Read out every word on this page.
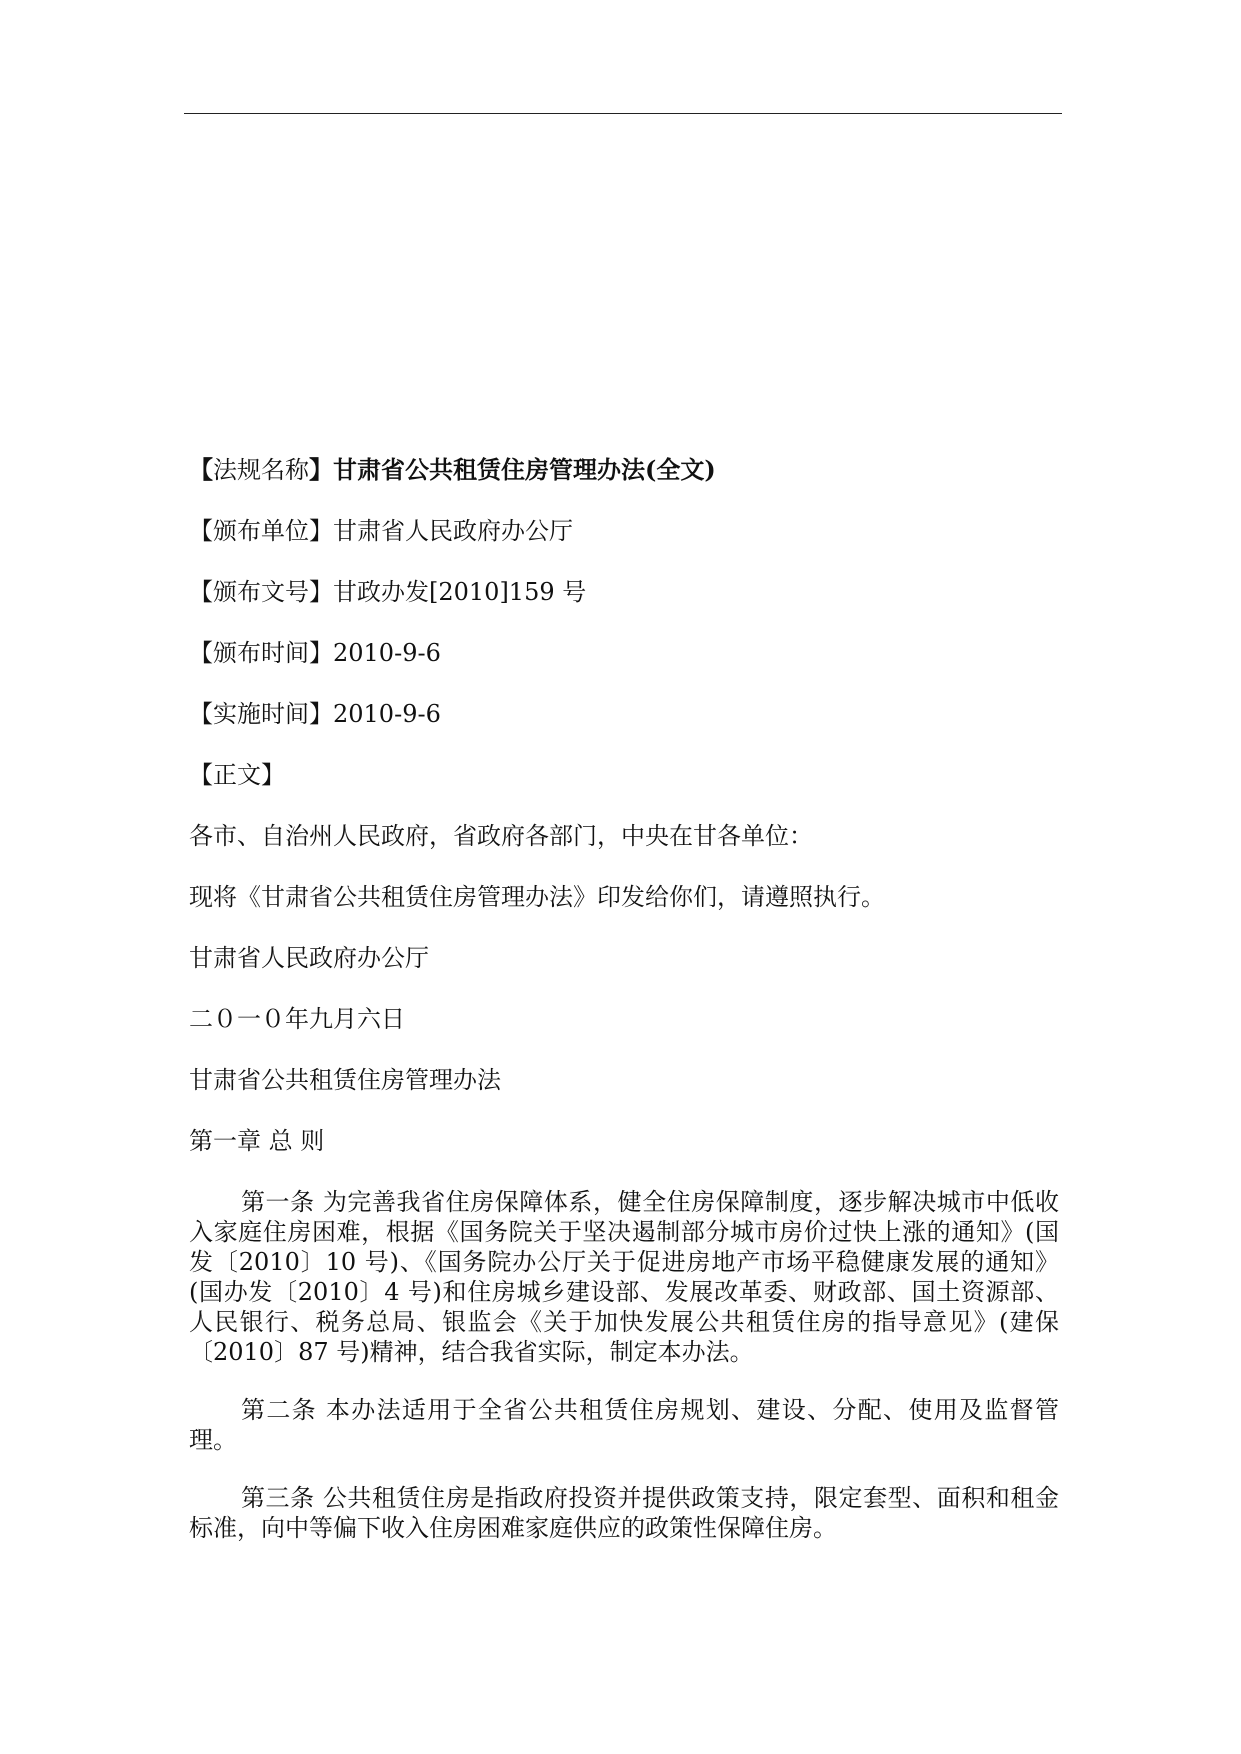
【法规名称】甘肃省公共租赁住房管理办法(全文)

【颁布单位】甘肃省人民政府办公厅

【颁布文号】甘政办发[2010]159 号

【颁布时间】2010-9-6

【实施时间】2010-9-6

【正文】

各市、自治州人民政府，省政府各部门，中央在甘各单位：

现将《甘肃省公共租赁住房管理办法》印发给你们，请遵照执行。

甘肃省人民政府办公厅

二０一０年九月六日

甘肃省公共租赁住房管理办法

第一章 总 则

第一条 为完善我省住房保障体系，健全住房保障制度，逐步解决城市中低收入家庭住房困难，根据《国务院关于坚决遏制部分城市房价过快上涨的通知》(国发〔2010〕10 号)、《国务院办公厅关于促进房地产市场平稳健康发展的通知》(国办发〔2010〕4 号)和住房城乡建设部、发展改革委、财政部、国土资源部、人民银行、税务总局、银监会《关于加快发展公共租赁住房的指导意见》(建保〔2010〕87 号)精神，结合我省实际，制定本办法。

第二条 本办法适用于全省公共租赁住房规划、建设、分配、使用及监督管理。

第三条 公共租赁住房是指政府投资并提供政策支持，限定套型、面积和租金标准，向中等偏下收入住房困难家庭供应的政策性保障住房。
